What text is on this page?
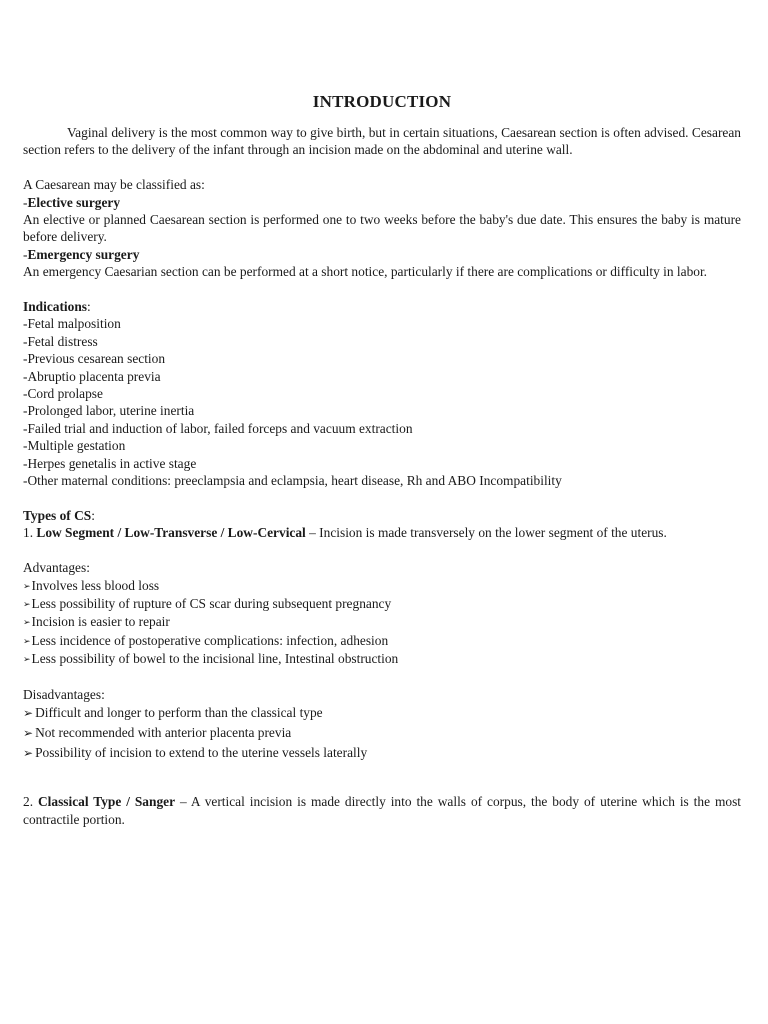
INTRODUCTION

Vaginal delivery is the most common way to give birth, but in certain situations, Caesarean section is often advised. Cesarean section refers to the delivery of the infant through an incision made on the abdominal and uterine wall.

A Caesarean may be classified as:

-Elective surgery

An elective or planned Caesarean section is performed one to two weeks before the baby's due date. This ensures the baby is mature before delivery.

-Emergency surgery

An emergency Caesarian section can be performed at a short notice, particularly if there are complications or difficulty in labor.

Indications:

-Fetal malposition
-Fetal distress
-Previous cesarean section
-Abruptio placenta previa
-Cord prolapse
-Prolonged labor, uterine inertia
-Failed trial and induction of labor, failed forceps and vacuum extraction
-Multiple gestation
-Herpes genetalis in active stage
-Other maternal conditions: preeclampsia and eclampsia, heart disease, Rh and ABO Incompatibility

Types of CS:

1. Low Segment / Low-Transverse / Low-Cervical – Incision is made transversely on the lower segment of the uterus.

Advantages:

➢Involves less blood loss
➢Less possibility of rupture of CS scar during subsequent pregnancy
➢Incision is easier to repair
➢Less incidence of postoperative complications: infection, adhesion
➢Less possibility of bowel to the incisional line, Intestinal obstruction

Disadvantages:

➢ Difficult and longer to perform than the classical type
➢ Not recommended with anterior placenta previa
➢ Possibility of incision to extend to the uterine vessels laterally

2. Classical Type / Sanger – A vertical incision is made directly into the walls of corpus, the body of uterine which is the most contractile portion.
